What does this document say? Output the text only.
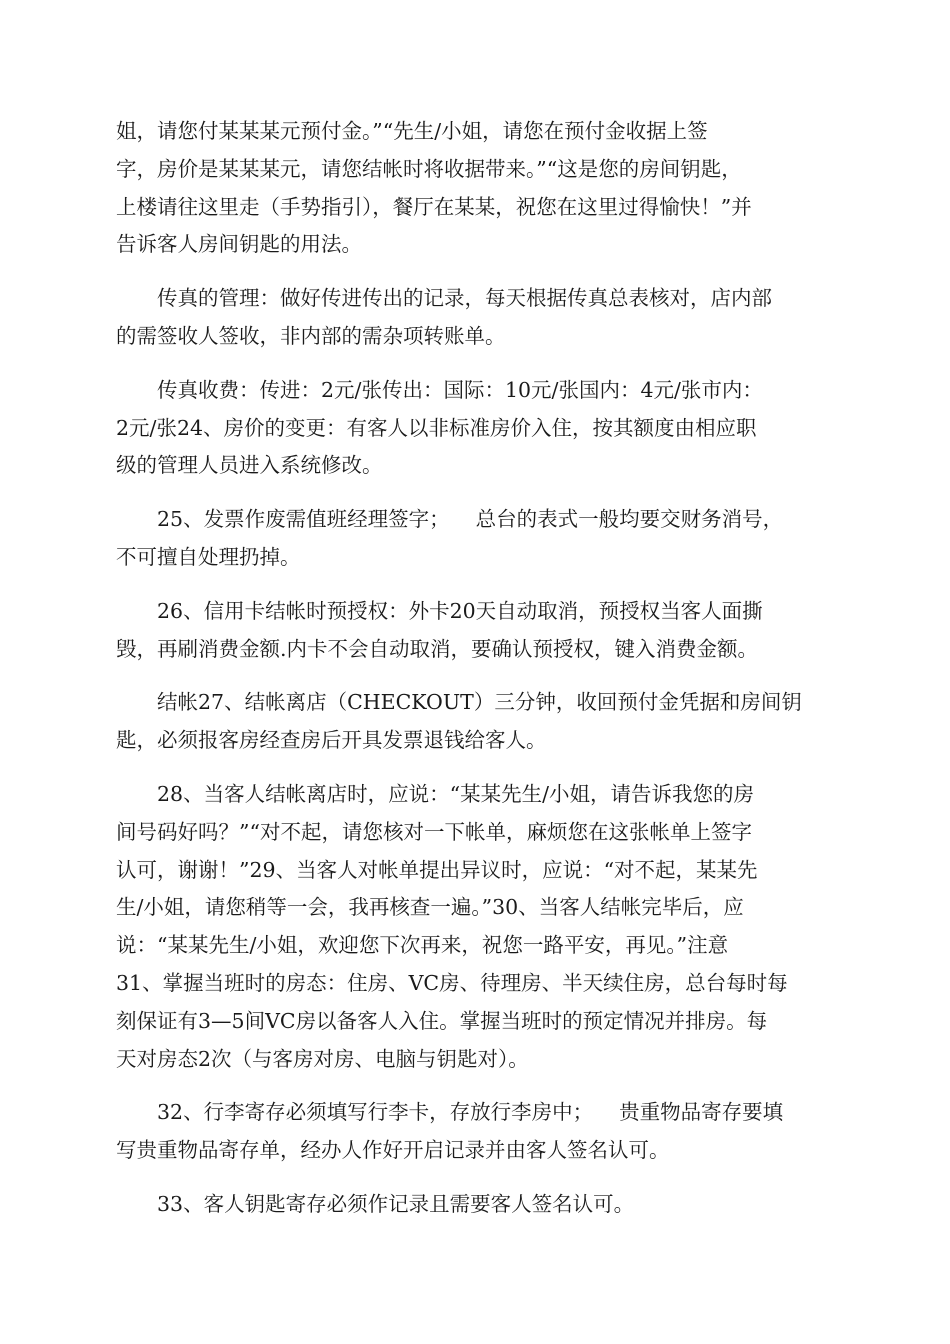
姐，请您付某某某元预付金。”“先生/小姐，请您在预付金收据上签
字，房价是某某某元，请您结帐时将收据带来。”“这是您的房间钥匙，
上楼请往这里走（手势指引），餐厅在某某，祝您在这里过得愉快！”并
告诉客人房间钥匙的用法。

传真的管理：做好传进传出的记录，每天根据传真总表核对，店内部
的需签收人签收，非内部的需杂项转账单。

传真收费：传进：2元/张传出：国际：10元/张国内：4元/张市内：
2元/张24、房价的变更：有客人以非标准房价入住，按其额度由相应职
级的管理人员进入系统修改。

25、发票作废需值班经理签字；    总台的表式一般均要交财务消号，
不可擅自处理扔掉。

26、信用卡结帐时预授权：外卡20天自动取消，预授权当客人面撕
毁，再刷消费金额.内卡不会自动取消，要确认预授权，键入消费金额。

结帐27、结帐离店（CHECKOUT）三分钟，收回预付金凭据和房间钥
匙，必须报客房经查房后开具发票退钱给客人。

28、当客人结帐离店时，应说：“某某先生/小姐，请告诉我您的房
间号码好吗？”“对不起，请您核对一下帐单，麻烦您在这张帐单上签字
认可，谢谢！”29、当客人对帐单提出异议时，应说：“对不起，某某先
生/小姐，请您稍等一会，我再核查一遍。”30、当客人结帐完毕后，应
说：“某某先生/小姐，欢迎您下次再来，祝您一路平安，再见。”注意
31、掌握当班时的房态：住房、VC房、待理房、半天续住房，总台每时每
刻保证有3—5间VC房以备客人入住。掌握当班时的预定情况并排房。每
天对房态2次（与客房对房、电脑与钥匙对）。

32、行李寄存必须填写行李卡，存放行李房中；    贵重物品寄存要填
写贵重物品寄存单，经办人作好开启记录并由客人签名认可。

33、客人钥匙寄存必须作记录且需要客人签名认可。
